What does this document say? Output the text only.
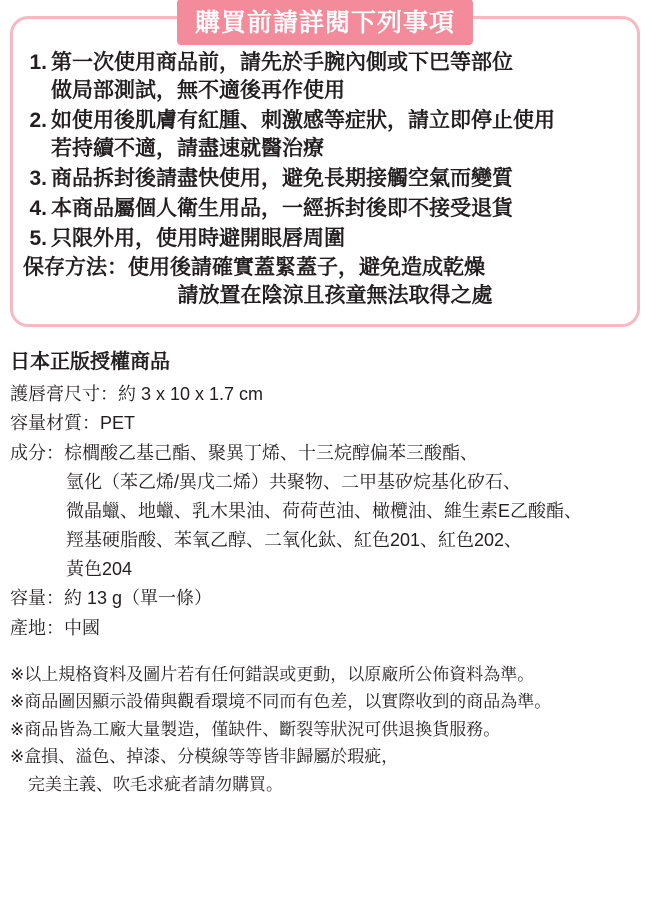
購買前請詳閱下列事項
1. 第一次使用商品前，請先於手腕內側或下巴等部位
做局部測試，無不適後再作使用
2. 如使用後肌膚有紅腫、刺激感等症狀，請立即停止使用
若持續不適，請盡速就醫治療
3. 商品拆封後請盡快使用，避免長期接觸空氣而變質
4. 本商品屬個人衛生用品，一經拆封後即不接受退貨
5. 只限外用，使用時避開眼唇周圍
保存方法：使用後請確實蓋緊蓋子，避免造成乾燥
請放置在陰涼且孩童無法取得之處
日本正版授權商品
護唇膏尺寸：約 3 x 10 x 1.7 cm
容量材質：PET
成分：棕櫚酸乙基己酯、聚異丁烯、十三烷醇偏苯三酸酯、
氫化（苯乙烯/異戊二烯）共聚物、二甲基矽烷基化矽石、
微晶蠟、地蠟、乳木果油、荷荷芭油、橄欖油、維生素E乙酸酯、
羥基硬脂酸、苯氧乙醇、二氧化鈦、紅色201、紅色202、
黃色204
容量：約 13 g（單一條）
產地：中國
※以上規格資料及圖片若有任何錯誤或更動，以原廠所公佈資料為準。
※商品圖因顯示設備與觀看環境不同而有色差，以實際收到的商品為準。
※商品皆為工廠大量製造，僅缺件、斷裂等狀況可供退換貨服務。
※盒損、溢色、掉漆、分模線等等皆非歸屬於瑕疵，
完美主義、吹毛求疵者請勿購買。
